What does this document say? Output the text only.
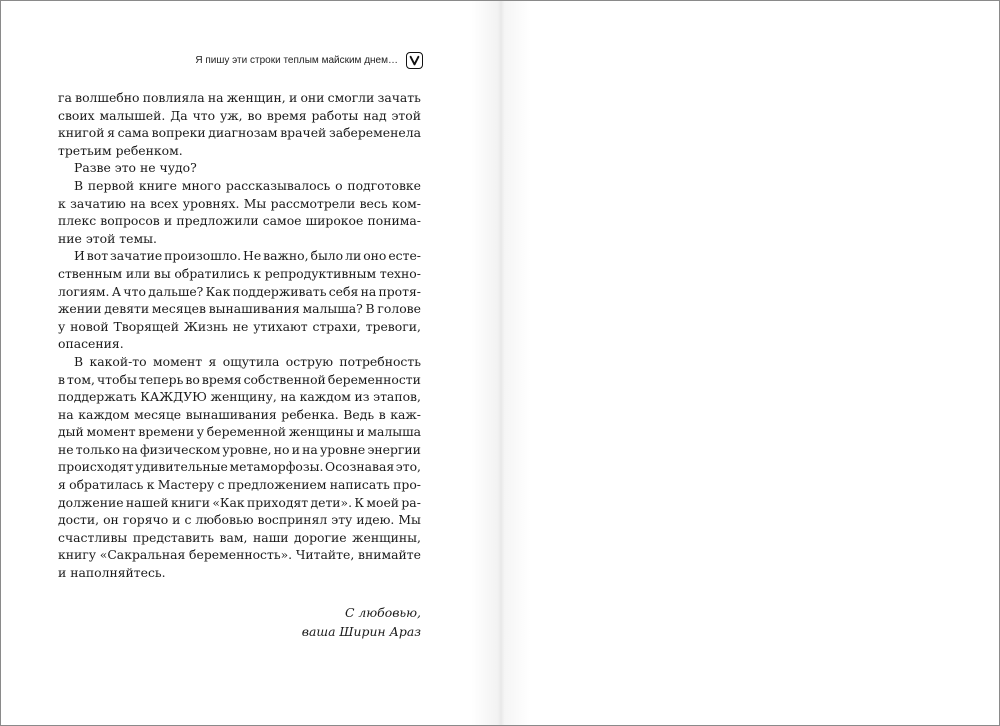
Я пишу эти строки теплым майским днем…
га волшебно повлияла на женщин, и они смогли зачать
своих малышей. Да что уж, во время работы над этой
книгой я сама вопреки диагнозам врачей забеременела
третьим ребенком.
Разве это не чудо?
В первой книге много рассказывалось о подготовке
к зачатию на всех уровнях. Мы рассмотрели весь ком-
плекс вопросов и предложили самое широкое понима-
ние этой темы.
И вот зачатие произошло. Не важно, было ли оно есте-
ственным или вы обратились к репродуктивным техно-
логиям. А что дальше? Как поддерживать себя на протя-
жении девяти месяцев вынашивания малыша? В голове
у новой Творящей Жизнь не утихают страхи, тревоги,
опасения.
В какой-то момент я ощутила острую потребность
в том, чтобы теперь во время собственной беременности
поддержать КАЖДУЮ женщину, на каждом из этапов,
на каждом месяце вынашивания ребенка. Ведь в каж-
дый момент времени у беременной женщины и малыша
не только на физическом уровне, но и на уровне энергии
происходят удивительные метаморфозы. Осознавая это,
я обратилась к Мастеру с предложением написать про-
должение нашей книги «Как приходят дети». К моей ра-
дости, он горячо и с любовью воспринял эту идею. Мы
счастливы представить вам, наши дорогие женщины,
книгу «Сакральная беременность». Читайте, внимайте
и наполняйтесь.
С любовью,
ваша Ширин Араз
